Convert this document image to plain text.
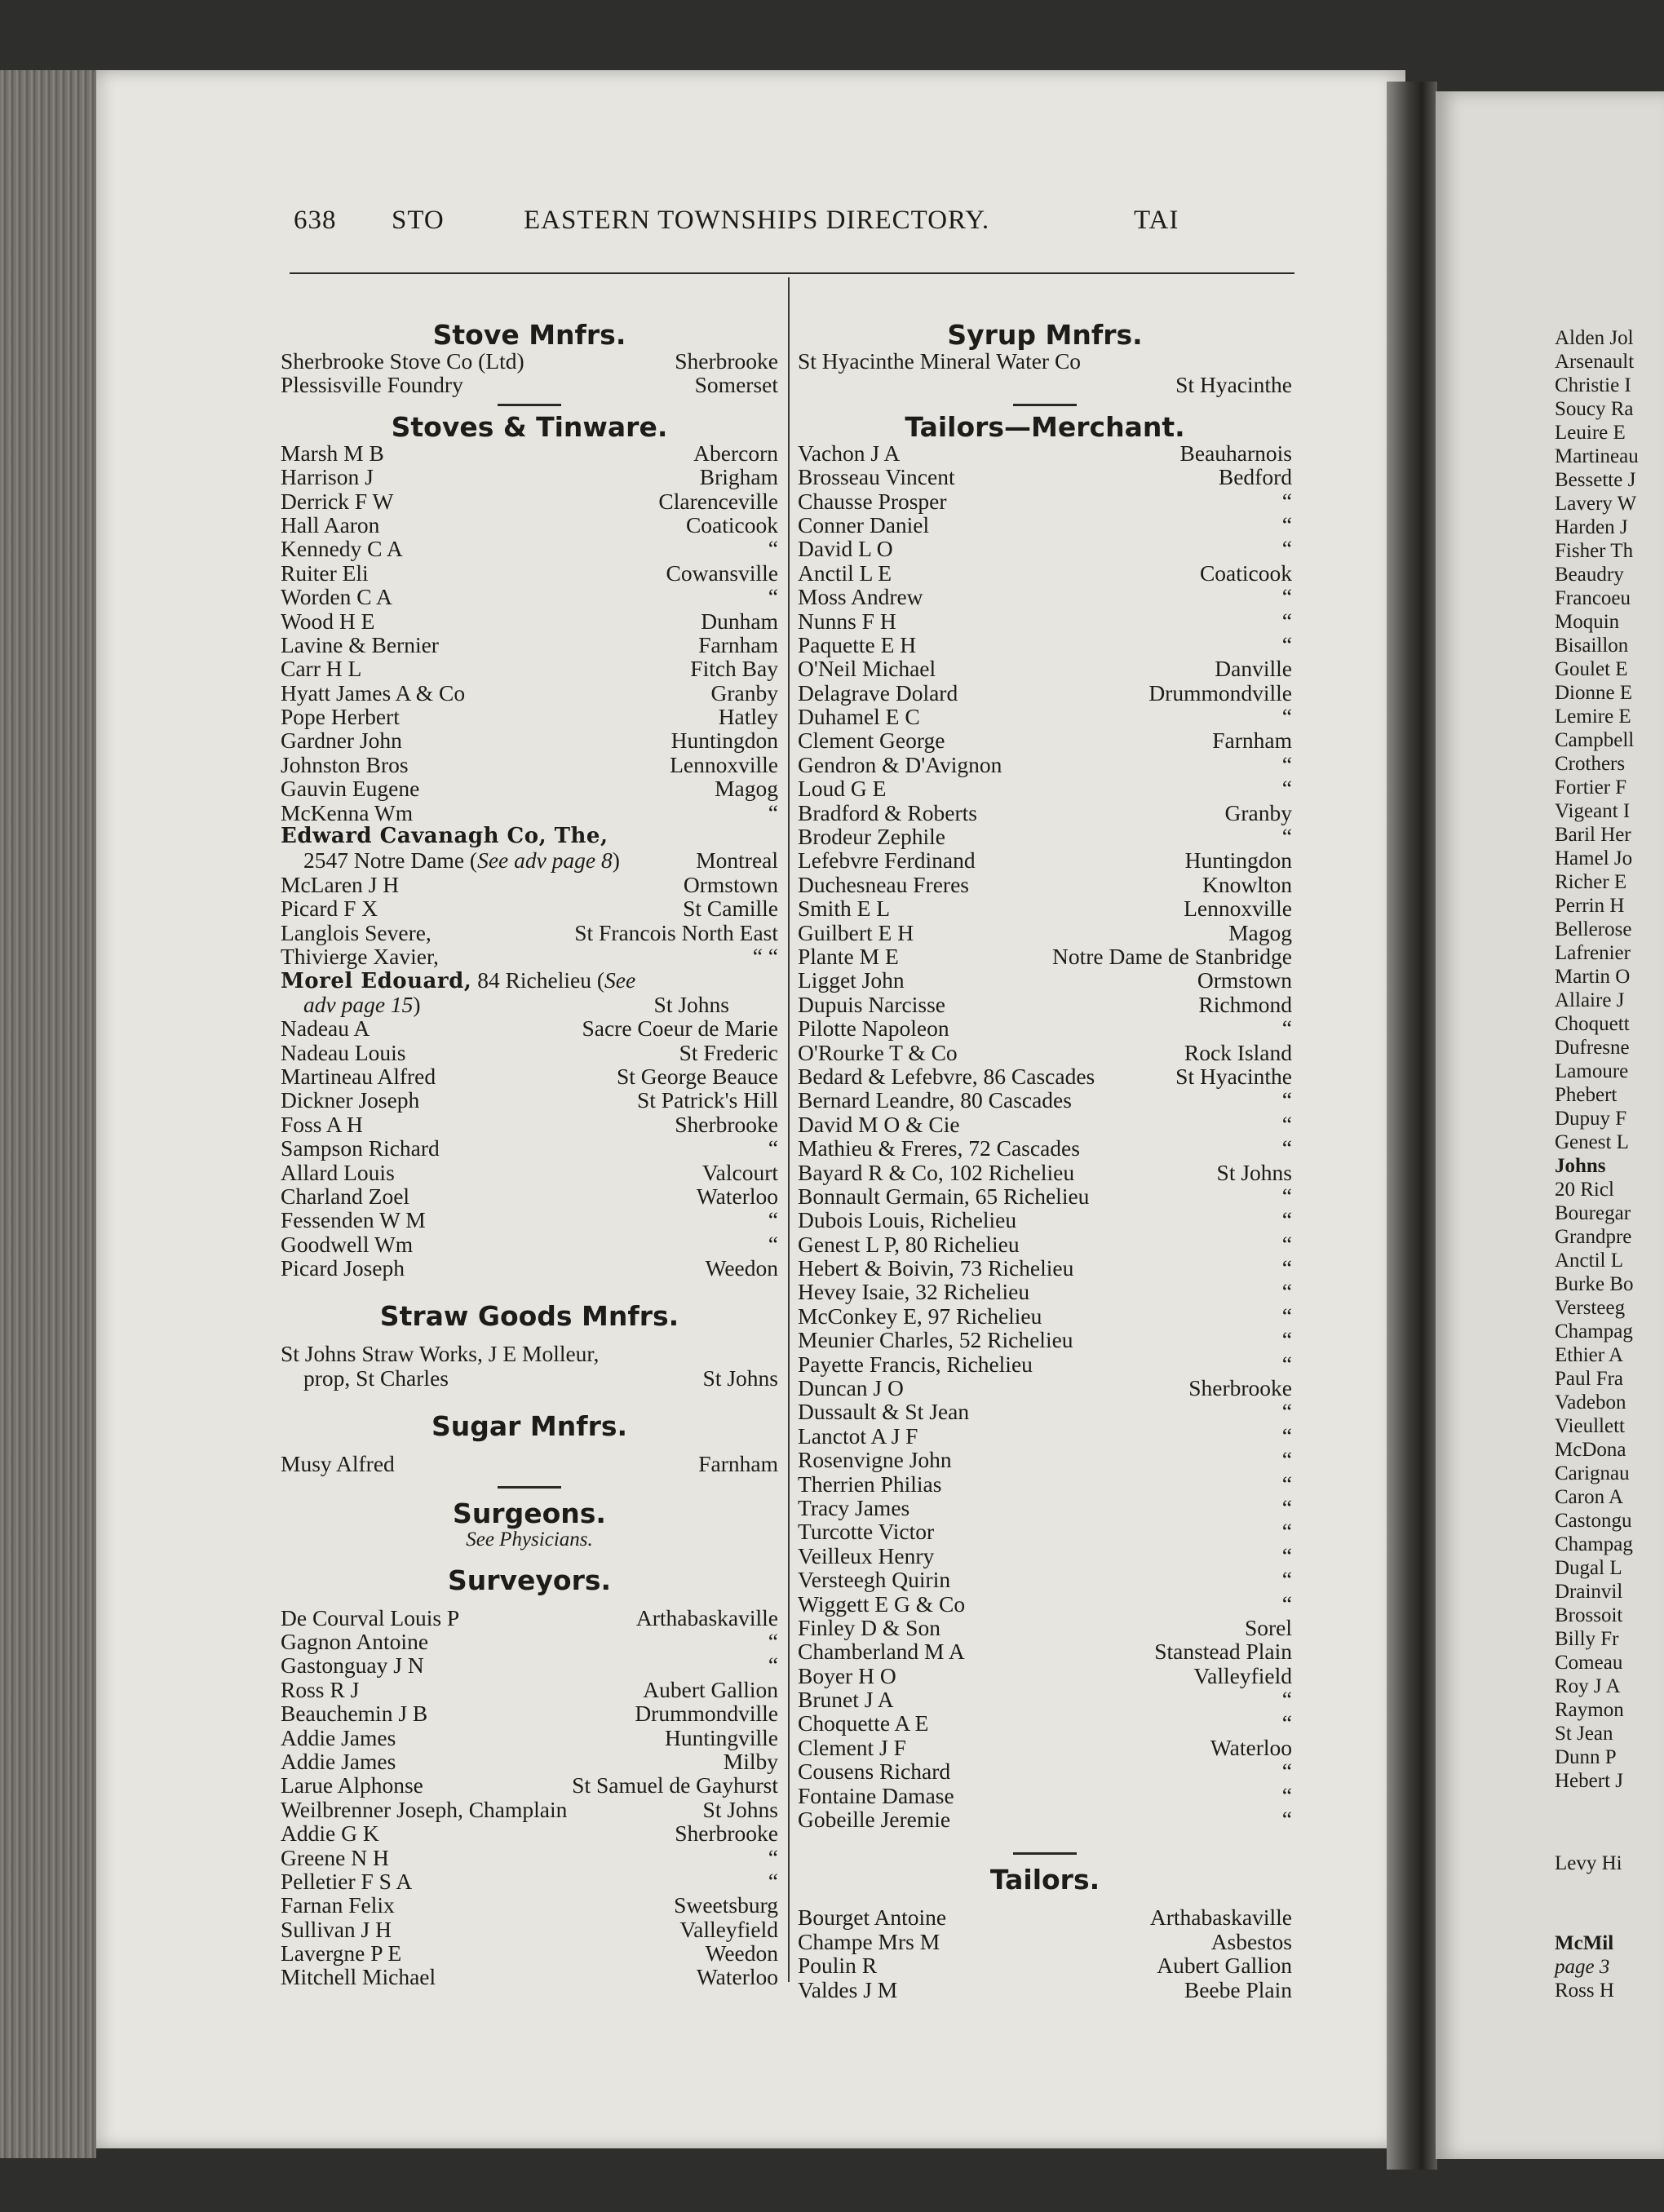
Alden Jol
Arsenault
Christie I
Soucy Ra
Leuire E
Martineau
Bessette J
Lavery W
Harden J
Fisher Th
Beaudry
Francoeu
Moquin
Bisaillon
Goulet E
Dionne E
Lemire E
Campbell
Crothers
Fortier F
Vigeant I
Baril Her
Hamel Jo
Richer E
Perrin H
Bellerose
Lafrenier
Martin O
Allaire J
Choquett
Dufresne
Lamoure
Phebert
Dupuy F
Genest L
Johns
20 Ricl
Bouregar
Grandpre
Anctil L
Burke Bo
Versteeg
Champag
Ethier A
Paul Fra
Vadebon
Vieullett
McDona
Carignau
Caron A
Castongu
Champag
Dugal L
Drainvil
Brossoit
Billy Fr
Comeau
Roy J A
Raymon
St Jean
Dunn P
Hebert J
Levy Hi
McMil
page 3
Ross H
638 STO	EASTERN TOWNSHIPS DIRECTORY.	TAI
Stove Mnfrs.
Sherbrooke Stove Co (Ltd)	Sherbrooke
Plessisville Foundry	Somerset
Stoves & Tinware.
Marsh M B	Abercorn
Harrison J	Brigham
Derrick F W	Clarenceville
Hall Aaron	Coaticook
Kennedy C A	“
Ruiter Eli	Cowansville
Worden C A	“
Wood H E	Dunham
Lavine & Bernier	Farnham
Carr H L	Fitch Bay
Hyatt James A & Co	Granby
Pope Herbert	Hatley
Gardner John	Huntingdon
Johnston Bros	Lennoxville
Gauvin Eugene	Magog
McKenna Wm	“
Edward Cavanagh Co, The,
2547 Notre Dame (See adv page 8)	Montreal
McLaren J H	Ormstown
Picard F X	St Camille
Langlois Severe,	St Francois North East
Thivierge Xavier,	“ “
Morel Edouard, 84 Richelieu (See
adv page 15)	St Johns
Nadeau A	Sacre Coeur de Marie
Nadeau Louis	St Frederic
Martineau Alfred	St George Beauce
Dickner Joseph	St Patrick's Hill
Foss A H	Sherbrooke
Sampson Richard	“
Allard Louis	Valcourt
Charland Zoel	Waterloo
Fessenden W M	“
Goodwell Wm	“
Picard Joseph	Weedon
Straw Goods Mnfrs.
St Johns Straw Works, J E Molleur,
prop, St Charles	St Johns
Sugar Mnfrs.
Musy Alfred	Farnham
Surgeons.
See Physicians.
Surveyors.
De Courval Louis P	Arthabaskaville
Gagnon Antoine	“
Gastonguay J N	“
Ross R J	Aubert Gallion
Beauchemin J B	Drummondville
Addie James	Huntingville
Addie James	Milby
Larue Alphonse	St Samuel de Gayhurst
Weilbrenner Joseph, Champlain	St Johns
Addie G K	Sherbrooke
Greene N H	“
Pelletier F S A	“
Farnan Felix	Sweetsburg
Sullivan J H	Valleyfield
Lavergne P E	Weedon
Mitchell Michael	Waterloo
Syrup Mnfrs.
St Hyacinthe Mineral Water Co
St Hyacinthe
Tailors—Merchant.
Vachon J A	Beauharnois
Brosseau Vincent	Bedford
Chausse Prosper	“
Conner Daniel	“
David L O	“
Anctil L E	Coaticook
Moss Andrew	“
Nunns F H	“
Paquette E H	“
O'Neil Michael	Danville
Delagrave Dolard	Drummondville
Duhamel E C	“
Clement George	Farnham
Gendron & D'Avignon	“
Loud G E	“
Bradford & Roberts	Granby
Brodeur Zephile	“
Lefebvre Ferdinand	Huntingdon
Duchesneau Freres	Knowlton
Smith E L	Lennoxville
Guilbert E H	Magog
Plante M E	Notre Dame de Stanbridge
Ligget John	Ormstown
Dupuis Narcisse	Richmond
Pilotte Napoleon	“
O'Rourke T & Co	Rock Island
Bedard & Lefebvre, 86 Cascades	St Hyacinthe
Bernard Leandre, 80 Cascades	“
David M O & Cie	“
Mathieu & Freres, 72 Cascades	“
Bayard R & Co, 102 Richelieu	St Johns
Bonnault Germain, 65 Richelieu	“
Dubois Louis, Richelieu	“
Genest L P, 80 Richelieu	“
Hebert & Boivin, 73 Richelieu	“
Hevey Isaie, 32 Richelieu	“
McConkey E, 97 Richelieu	“
Meunier Charles, 52 Richelieu	“
Payette Francis, Richelieu	“
Duncan J O	Sherbrooke
Dussault & St Jean	“
Lanctot A J F	“
Rosenvigne John	“
Therrien Philias	“
Tracy James	“
Turcotte Victor	“
Veilleux Henry	“
Versteegh Quirin	“
Wiggett E G & Co	“
Finley D & Son	Sorel
Chamberland M A	Stanstead Plain
Boyer H O	Valleyfield
Brunet J A	“
Choquette A E	“
Clement J F	Waterloo
Cousens Richard	“
Fontaine Damase	“
Gobeille Jeremie	“
Tailors.
Bourget Antoine	Arthabaskaville
Champe Mrs M	Asbestos
Poulin R	Aubert Gallion
Valdes J M	Beebe Plain
